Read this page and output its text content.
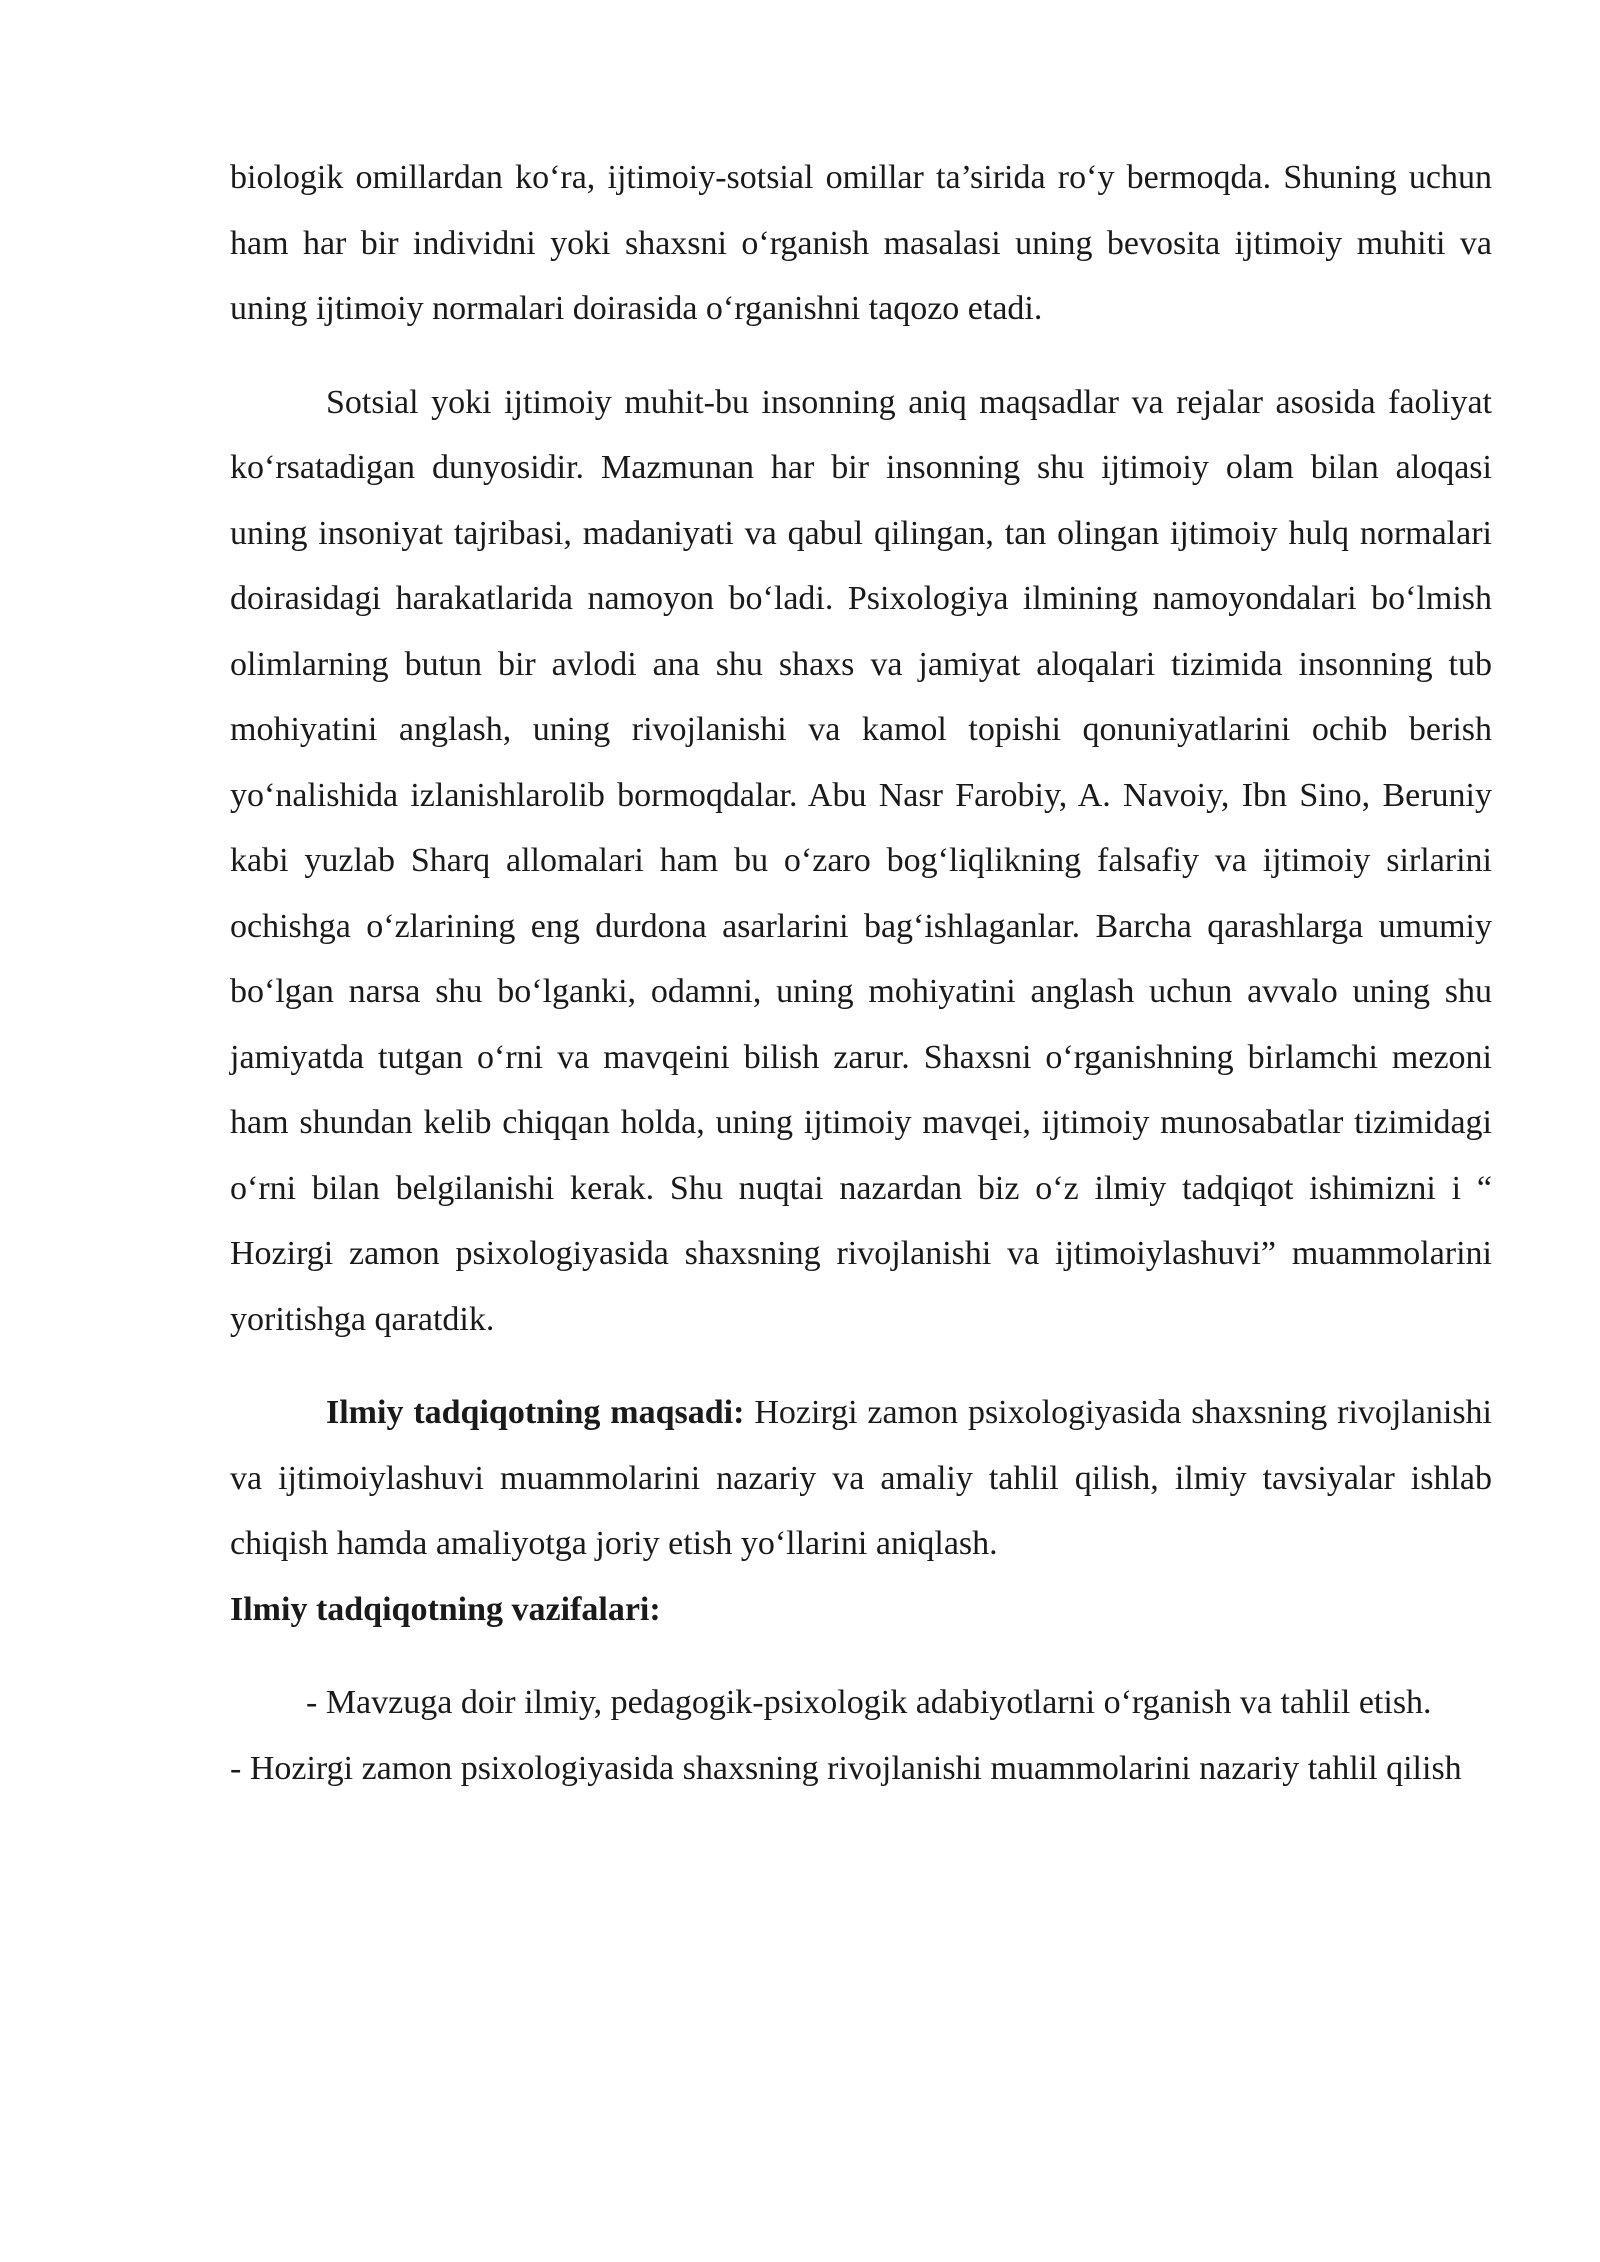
biologik omillardan ko‘ra, ijtimoiy-sotsial omillar ta’sirida ro‘y bermoqda. Shuning uchun ham har bir individni yoki shaxsni o‘rganish masalasi uning bevosita ijtimoiy muhiti va uning ijtimoiy normalari doirasida o‘rganishni taqozo etadi.

Sotsial yoki ijtimoiy muhit-bu insonning aniq maqsadlar va rejalar asosida faoliyat ko‘rsatadigan dunyosidir. Mazmunan har bir insonning shu ijtimoiy olam bilan aloqasi uning insoniyat tajribasi, madaniyati va qabul qilingan, tan olingan ijtimoiy hulq normalari doirasidagi harakatlarida namoyon bo‘ladi. Psixologiya ilmining namoyondalari bo‘lmish olimlarning butun bir avlodi ana shu shaxs va jamiyat aloqalari tizimida insonning tub mohiyatini anglash, uning rivojlanishi va kamol topishi qonuniyatlarini ochib berish yo‘nalishida izlanishlarolib bormoqdalar. Abu Nasr Farobiy, A. Navoiy, Ibn Sino, Beruniy kabi yuzlab Sharq allomalari ham bu o‘zaro bog‘liqlikning falsafiy va ijtimoiy sirlarini ochishga o‘zlarining eng durdona asarlarini bag‘ishlaganlar. Barcha qarashlarga umumiy bo‘lgan narsa shu bo‘lganki, odamni, uning mohiyatini anglash uchun avvalo uning shu jamiyatda tutgan o‘rni va mavqeini bilish zarur. Shaxsni o‘rganishning birlamchi mezoni ham shundan kelib chiqqan holda, uning ijtimoiy mavqei, ijtimoiy munosabatlar tizimidagi o‘rni bilan belgilanishi kerak. Shu nuqtai nazardan biz o‘z ilmiy tadqiqot ishimizni i “ Hozirgi zamon psixologiyasida shaxsning rivojlanishi va ijtimoiylashuvi” muammolarini yoritishga qaratdik.

Ilmiy tadqiqotning maqsadi: Hozirgi zamon psixologiyasida shaxsning rivojlanishi va ijtimoiylashuvi muammolarini nazariy va amaliy tahlil qilish, ilmiy tavsiyalar ishlab chiqish hamda amaliyotga joriy etish yo‘llarini aniqlash.

Ilmiy tadqiqotning vazifalari:

- Mavzuga doir ilmiy, pedagogik-psixologik adabiyotlarni o‘rganish va tahlil etish.

- Hozirgi zamon psixologiyasida shaxsning rivojlanishi muammolarini nazariy tahlil qilish
